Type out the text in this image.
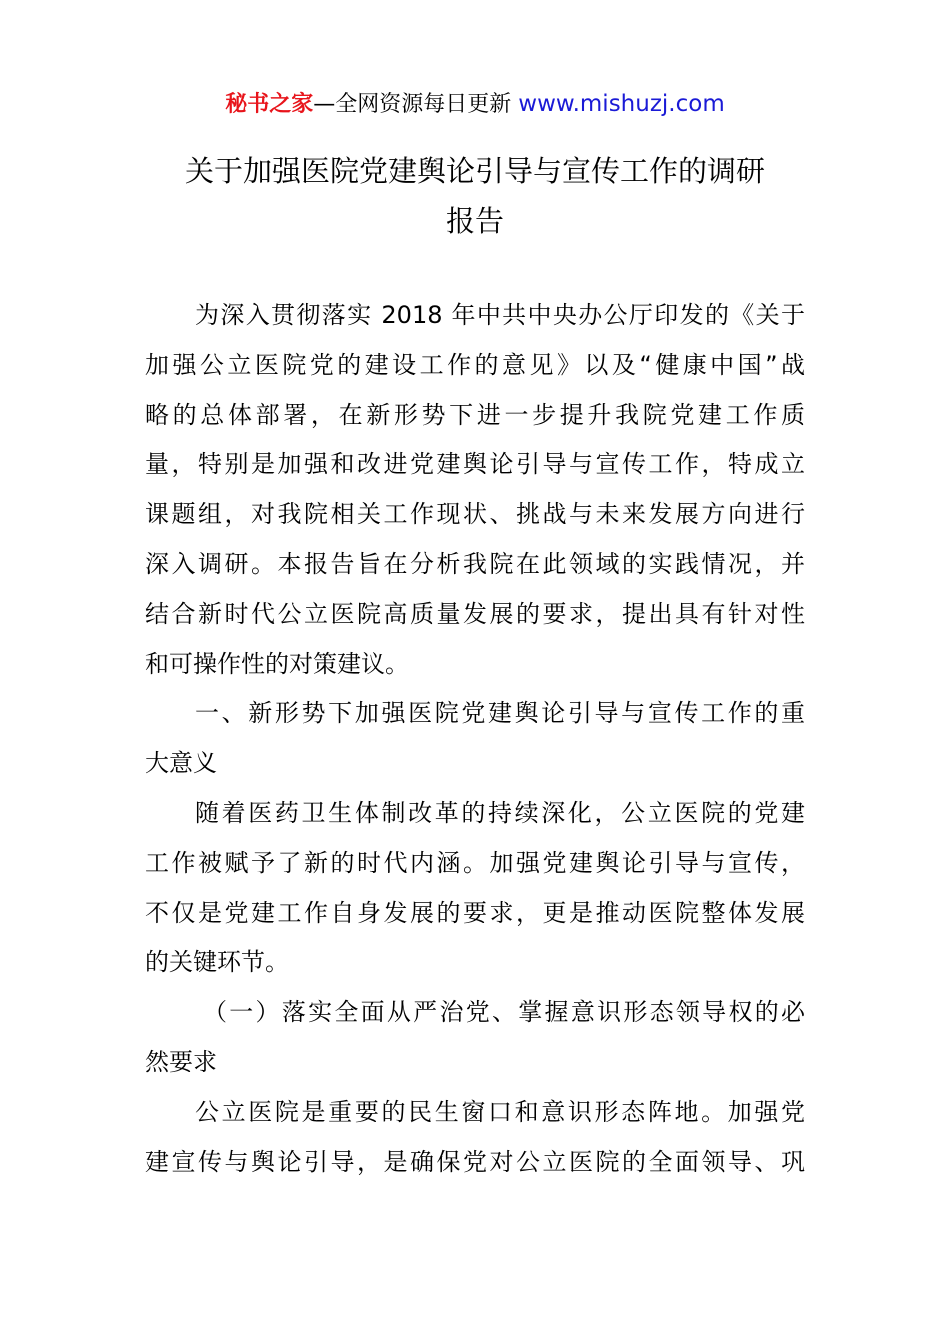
秘书之家—全网资源每日更新 www.mishuzj.com
关于加强医院党建舆论引导与宣传工作的调研
报告
为深入贯彻落实 2018 年中共中央办公厅印发的《关于
加强公立医院党的建设工作的意见》以及“健康中国”战
略的总体部署，在新形势下进一步提升我院党建工作质
量，特别是加强和改进党建舆论引导与宣传工作，特成立
课题组，对我院相关工作现状、挑战与未来发展方向进行
深入调研。本报告旨在分析我院在此领域的实践情况，并
结合新时代公立医院高质量发展的要求，提出具有针对性
和可操作性的对策建议。
一、新形势下加强医院党建舆论引导与宣传工作的重
大意义
随着医药卫生体制改革的持续深化，公立医院的党建
工作被赋予了新的时代内涵。加强党建舆论引导与宣传，
不仅是党建工作自身发展的要求，更是推动医院整体发展
的关键环节。
（一）落实全面从严治党、掌握意识形态领导权的必
然要求
公立医院是重要的民生窗口和意识形态阵地。加强党
建宣传与舆论引导，是确保党对公立医院的全面领导、巩
